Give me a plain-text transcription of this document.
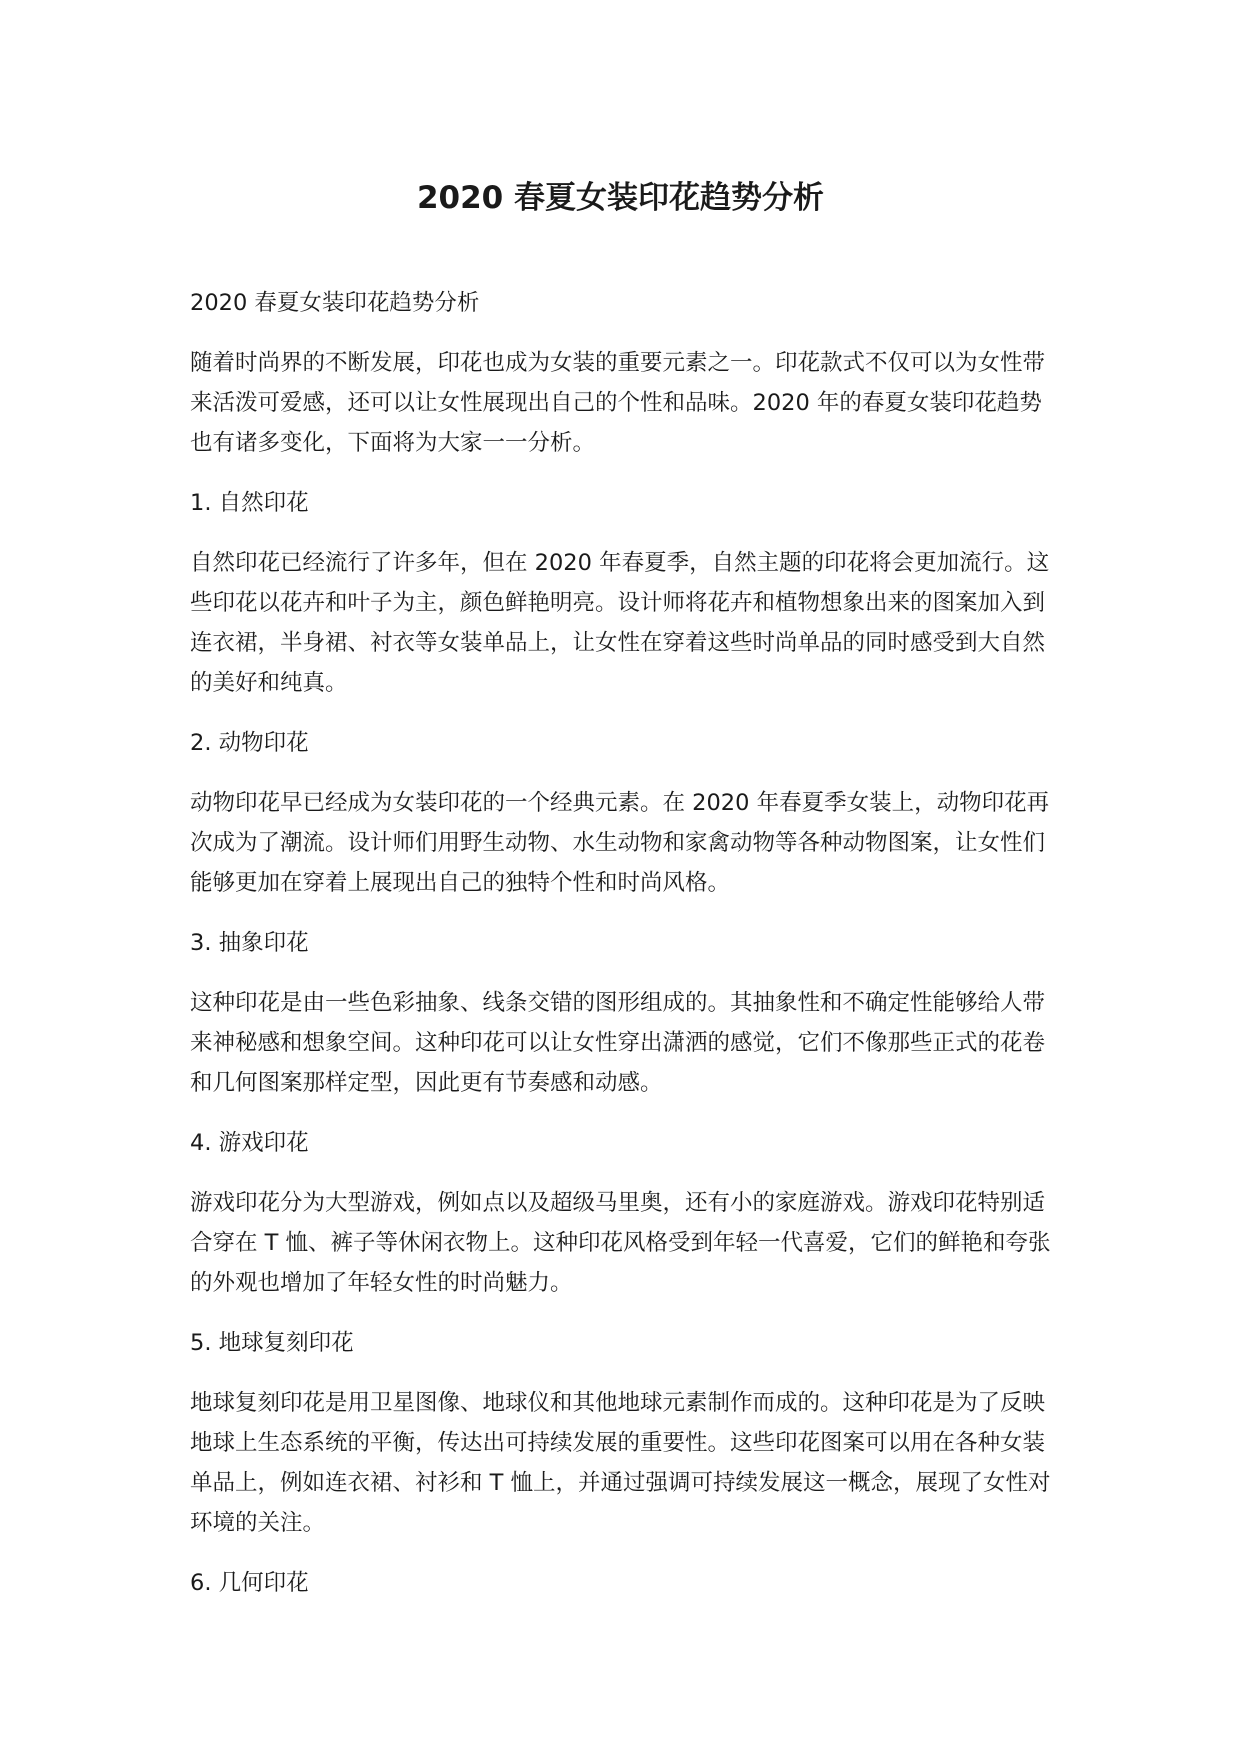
2020 春夏女装印花趋势分析

2020 春夏女装印花趋势分析

随着时尚界的不断发展，印花也成为女装的重要元素之一。印花款式不仅可以为女性带来活泼可爱感，还可以让女性展现出自己的个性和品味。2020 年的春夏女装印花趋势也有诸多变化，下面将为大家一一分析。

1. 自然印花

自然印花已经流行了许多年，但在 2020 年春夏季，自然主题的印花将会更加流行。这些印花以花卉和叶子为主，颜色鲜艳明亮。设计师将花卉和植物想象出来的图案加入到连衣裙，半身裙、衬衣等女装单品上，让女性在穿着这些时尚单品的同时感受到大自然的美好和纯真。

2. 动物印花

动物印花早已经成为女装印花的一个经典元素。在 2020 年春夏季女装上，动物印花再次成为了潮流。设计师们用野生动物、水生动物和家禽动物等各种动物图案，让女性们能够更加在穿着上展现出自己的独特个性和时尚风格。

3. 抽象印花

这种印花是由一些色彩抽象、线条交错的图形组成的。其抽象性和不确定性能够给人带来神秘感和想象空间。这种印花可以让女性穿出潇洒的感觉，它们不像那些正式的花卷和几何图案那样定型，因此更有节奏感和动感。

4. 游戏印花

游戏印花分为大型游戏，例如点以及超级马里奥，还有小的家庭游戏。游戏印花特别适合穿在 T 恤、裤子等休闲衣物上。这种印花风格受到年轻一代喜爱，它们的鲜艳和夸张的外观也增加了年轻女性的时尚魅力。

5. 地球复刻印花

地球复刻印花是用卫星图像、地球仪和其他地球元素制作而成的。这种印花是为了反映地球上生态系统的平衡，传达出可持续发展的重要性。这些印花图案可以用在各种女装单品上，例如连衣裙、衬衫和 T 恤上，并通过强调可持续发展这一概念，展现了女性对环境的关注。

6. 几何印花
